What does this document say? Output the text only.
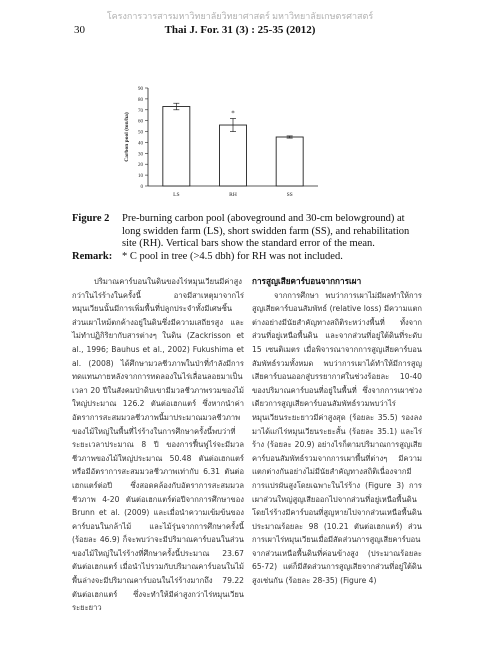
โครงการวารสารมหาวิทยาลัยวิทยาศาสตร์ มหาวิทยาลัยเกษตรศาสตร์
30	Thai J. For. 31 (3) : 25-35 (2012)
0
10
20
30
40
50
60
70
80
90
Carbon pool (ton/ha)
LS	RH
*
SS
Figure 2	Pre-burning carbon pool (aboveground and 30-cm belowground) at long swidden farm (LS), short swidden farm (SS), and rehabilitation site (RH). Vertical bars show the standard error of the mean.
Remark: * C pool in tree (>4.5 dbh) for RH was not included.

ปริมาณคาร์บอนในดินของไร่หมุนเวียนมีค่าสูงกว่าในไร่ร้างในครั้งนี้ อาจมีสาเหตุมาจากไร่หมุนเวียนนั้นมีการเพิ่มพื้นที่ปลูกประจำทั้งมีเศษชิ้นส่วนเผาไหม้ตกค้างอยู่ในดินซึ่งมีความเสถียรสูง และไม่ทำปฏิกิริยากับสารต่างๆ ในดิน (Zackrisson et al., 1996; Bauhus et al., 2002) Fukushima et al. (2008) ได้ศึกษามวลชีวภาพในป่าที่กำลังมีการทดแทนภายหลังจากการทดลองในไร่เลื่อนลอยมาเป็นเวลา 20 ปีในสังคมป่าดิบเขามีมวลชีวภาพรวมของไม้ใหญ่ประมาณ 126.2 ตันต่อเฮกแตร์ ซึ่งหากนำค่าอัตราการสะสมมวลชีวภาพนี้มาประมาณมวลชีวภาพของไม้ใหญ่ในพื้นที่ไร่ร้างในการศึกษาครั้งนี้พบว่าที่ระยะเวลาประมาณ 8 ปี ของการฟื้นฟูไร่จะมีมวลชีวภาพของไม้ใหญ่ประมาณ 50.48 ตันต่อเฮกแตร์ หรือมีอัตราการสะสมมวลชีวภาพเท่ากับ 6.31 ตันต่อเฮกแตร์ต่อปี ซึ่งสอดคล้องกับอัตราการสะสมมวลชีวภาพ 4-20 ตันต่อเฮกแตร์ต่อปีจากการศึกษาของ Brunn et al. (2009) และเมื่อนำความเข้มข้นของคาร์บอนในกล้าไม้ และไม้รุ่นจากการศึกษาครั้งนี้ (ร้อยละ 46.9) ก็จะพบว่าจะมีปริมาณคาร์บอนในส่วนของไม้ใหญ่ในไร่ร้างที่ศึกษาครั้งนี้ประมาณ 23.67 ตันต่อเฮกแตร์ เมื่อนำไปรวมกับปริมาณคาร์บอนในไม้พื้นล่างจะมีปริมาณคาร์บอนในไร่ร้างมากถึง 79.22 ตันต่อเฮกแตร์ ซึ่งจะทำให้มีค่าสูงกว่าไร่หมุนเวียนระยะยาว

การสูญเสียคาร์บอนจากการเผา

จากการศึกษา พบว่าการเผาไม่มีผลทำให้การสูญเสียคาร์บอนสัมพัทธ์ (relative loss) มีความแตกต่างอย่างมีนัยสำคัญทางสถิติระหว่างพื้นที่ ทั้งจากส่วนที่อยู่เหนือพื้นดิน และจากส่วนที่อยู่ใต้ดินที่ระดับ 15 เซนติเมตร เมื่อพิจารณาจากการสูญเสียคาร์บอนสัมพัทธ์รวมทั้งหมด พบว่าการเผาได้ทำให้มีการสูญเสียคาร์บอนออกสู่บรรยากาศในช่วงร้อยละ 10-40 ของปริมาณคาร์บอนที่อยู่ในพื้นที่ ซึ่งจากการเผาช่วงเดียวการสูญเสียคาร์บอนสัมพัทธ์รวมพบว่าไร่หมุนเวียนระยะยาวมีค่าสูงสุด (ร้อยละ 35.5) รองลงมาได้แก่ไร่หมุนเวียนระยะสั้น (ร้อยละ 35.1) และไร่ร้าง (ร้อยละ 20.9) อย่างไรก็ตามปริมาณการสูญเสียคาร์บอนสัมพัทธ์รวมจากการเผาพื้นที่ต่างๆ มีความแตกต่างกันอย่างไม่มีนัยสำคัญทางสถิติเนื่องจากมีการแปรผันสูงโดยเฉพาะในไร่ร้าง (Figure 3) การเผาส่วนใหญ่สูญเสียออกไปจากส่วนที่อยู่เหนือพื้นดิน โดยไร่ร้างมีคาร์บอนที่สูญหายไปจากส่วนเหนือพื้นดินประมาณร้อยละ 98 (10.21 ตันต่อเฮกแตร์) ส่วนการเผาไร่หมุนเวียนเมื่อมีสัดส่วนการสูญเสียคาร์บอนจากส่วนเหนือพื้นดินที่ค่อนข้างสูง (ประมาณร้อยละ 65-72) แต่ก็มีสัดส่วนการสูญเสียจากส่วนที่อยู่ใต้ดินสูงเช่นกัน (ร้อยละ 28-35) (Figure 4)
